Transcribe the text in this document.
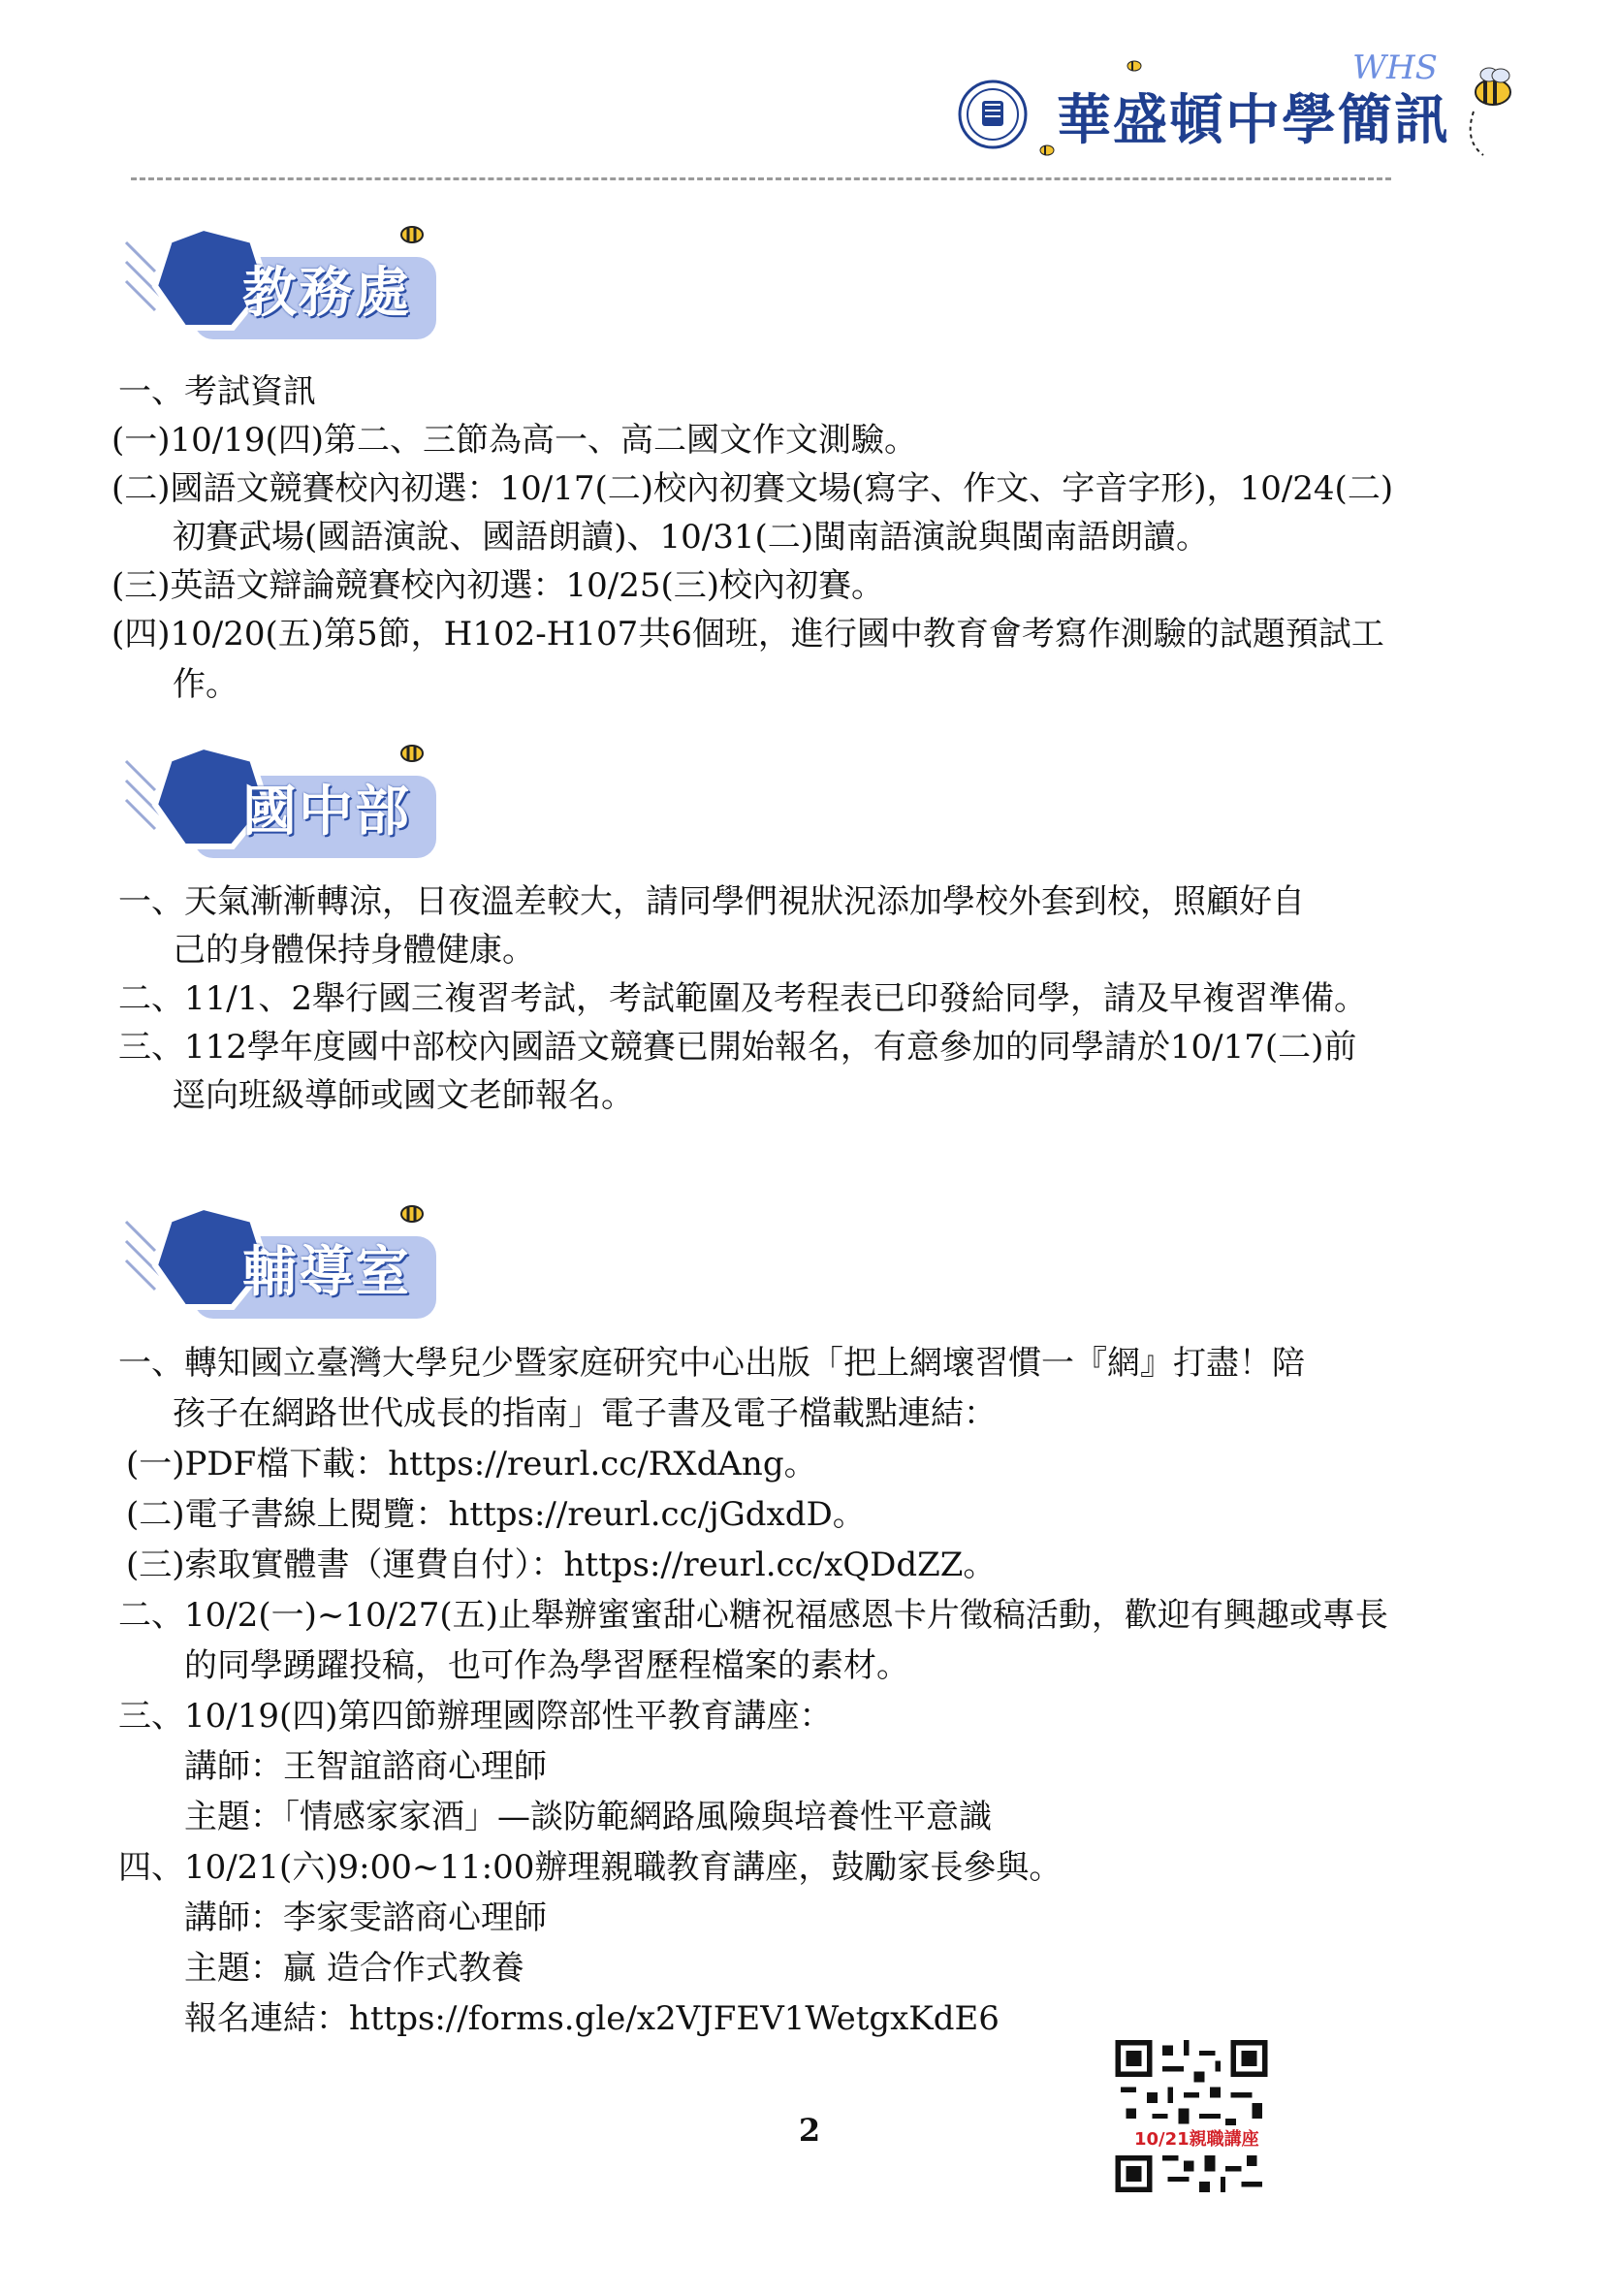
華盛頓中學簡訊
WHS
教務處
一、考試資訊
(一)10/19(四)第二、三節為高一、高二國文作文測驗。
(二)國語文競賽校內初選：10/17(二)校內初賽文場(寫字、作文、字音字形)，10/24(二)
初賽武場(國語演說、國語朗讀)、10/31(二)閩南語演說與閩南語朗讀。
(三)英語文辯論競賽校內初選：10/25(三)校內初賽。
(四)10/20(五)第5節，H102-H107共6個班，進行國中教育會考寫作測驗的試題預試工
作。
國中部
一、天氣漸漸轉涼，日夜溫差較大，請同學們視狀況添加學校外套到校，照顧好自
己的身體保持身體健康。
二、11/1、2舉行國三複習考試，考試範圍及考程表已印發給同學，請及早複習準備。
三、112學年度國中部校內國語文競賽已開始報名，有意參加的同學請於10/17(二)前
逕向班級導師或國文老師報名。
輔導室
一、轉知國立臺灣大學兒少暨家庭研究中心出版「把上網壞習慣一『網』打盡！陪
孩子在網路世代成長的指南」電子書及電子檔載點連結：
(一)PDF檔下載：https://reurl.cc/RXdAng。
(二)電子書線上閱覽：https://reurl.cc/jGdxdD。
(三)索取實體書（運費自付）：https://reurl.cc/xQDdZZ。
二、10/2(一)~10/27(五)止舉辦蜜蜜甜心糖祝福感恩卡片徵稿活動，歡迎有興趣或專長
的同學踴躍投稿，也可作為學習歷程檔案的素材。
三、10/19(四)第四節辦理國際部性平教育講座：
講師：王智誼諮商心理師
主題：「情感家家酒」—談防範網路風險與培養性平意識
四、10/21(六)9:00~11:00辦理親職教育講座，鼓勵家長參與。
講師：李家雯諮商心理師
主題：贏 造合作式教養
報名連結：https://forms.gle/x2VJFEV1WetgxKdE6
10/21親職講座
2
